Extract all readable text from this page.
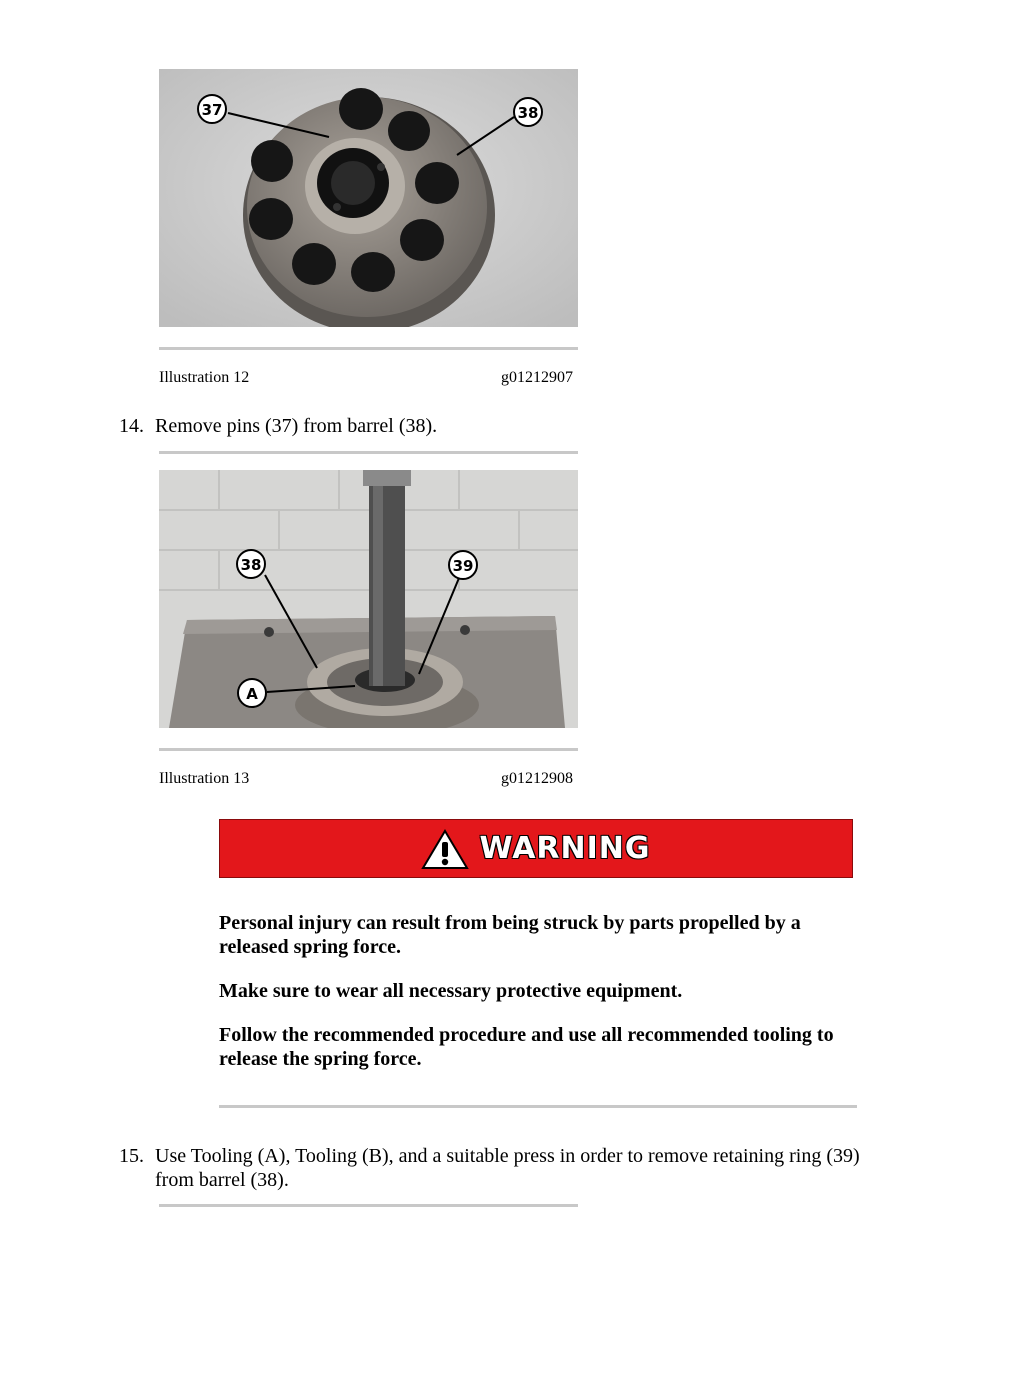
37	38
Illustration 12	g01212907
14. Remove pins (37) from barrel (38).
38	39
A
Illustration 13	g01212908
WARNING
Personal injury can result from being struck by parts propelled by a
released spring force.
Make sure to wear all necessary protective equipment.
Follow the recommended procedure and use all recommended tooling to
release the spring force.
15. Use Tooling (A), Tooling (B), and a suitable press in order to remove retaining ring (39)
from barrel (38).
